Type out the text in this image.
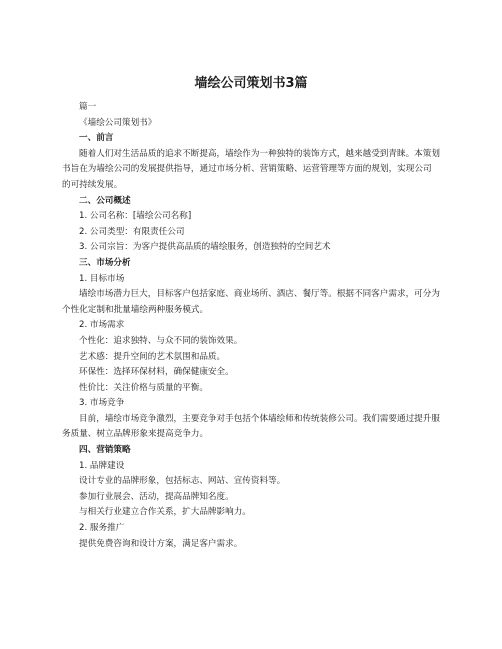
墙绘公司策划书3篇

篇一

《墙绘公司策划书》

一、前言

随着人们对生活品质的追求不断提高，墙绘作为一种独特的装饰方式，越来越受到青睐。本策划书旨在为墙绘公司的发展提供指导，通过市场分析、营销策略、运营管理等方面的规划，实现公司的可持续发展。

二、公司概述

1. 公司名称：[墙绘公司名称]

2. 公司类型：有限责任公司

3. 公司宗旨：为客户提供高品质的墙绘服务，创造独特的空间艺术

三、市场分析

1. 目标市场

墙绘市场潜力巨大，目标客户包括家庭、商业场所、酒店、餐厅等。根据不同客户需求，可分为个性化定制和批量墙绘两种服务模式。

2. 市场需求

个性化：追求独特、与众不同的装饰效果。

艺术感：提升空间的艺术氛围和品质。

环保性：选择环保材料，确保健康安全。

性价比：关注价格与质量的平衡。

3. 市场竞争

目前，墙绘市场竞争激烈，主要竞争对手包括个体墙绘师和传统装修公司。我们需要通过提升服务质量、树立品牌形象来提高竞争力。

四、营销策略

1. 品牌建设

设计专业的品牌形象，包括标志、网站、宣传资料等。

参加行业展会、活动，提高品牌知名度。

与相关行业建立合作关系，扩大品牌影响力。

2. 服务推广

提供免费咨询和设计方案，满足客户需求。
